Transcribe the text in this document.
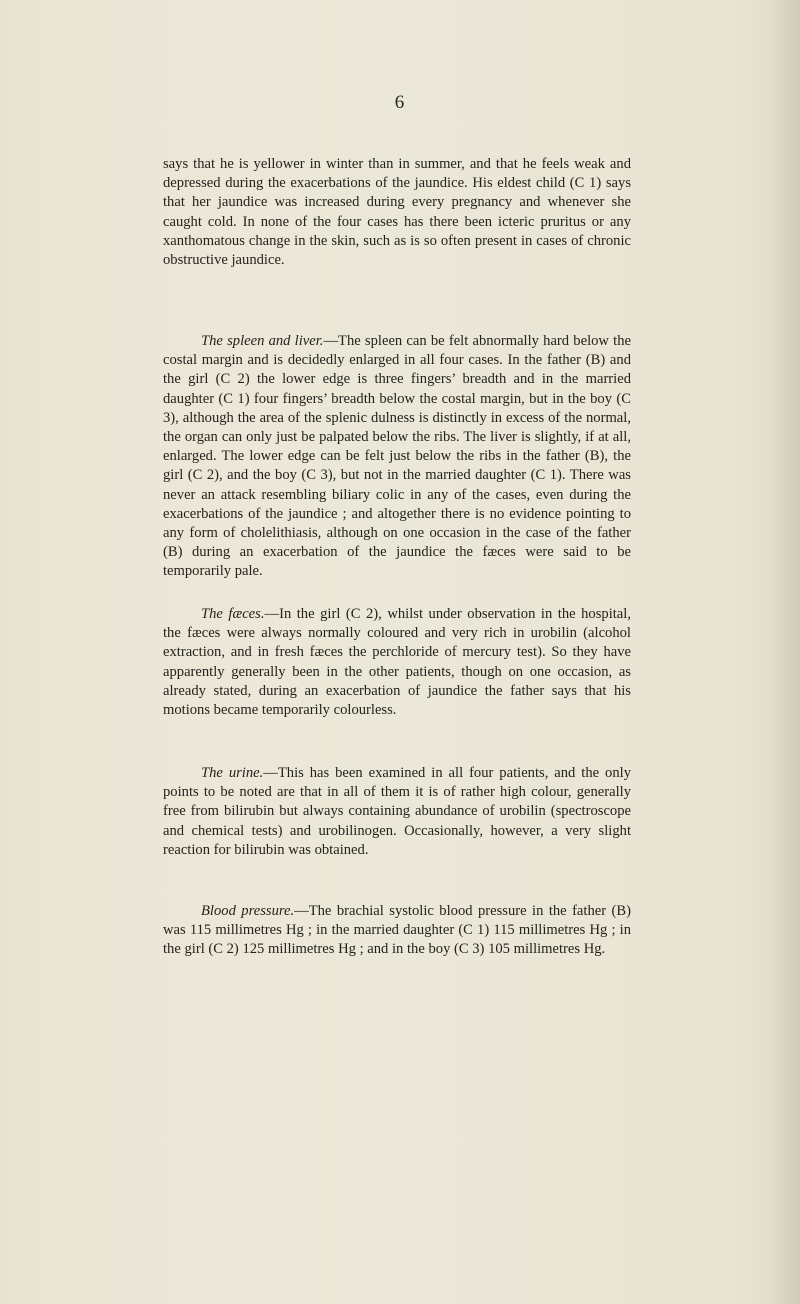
6

says that he is yellower in winter than in summer, and that he feels weak and depressed during the exacerbations of the jaundice. His eldest child (C 1) says that her jaundice was increased during every pregnancy and whenever she caught cold. In none of the four cases has there been icteric pruritus or any xanthomatous change in the skin, such as is so often present in cases of chronic obstructive jaundice.

The spleen and liver.—The spleen can be felt abnormally hard below the costal margin and is decidedly enlarged in all four cases. In the father (B) and the girl (C 2) the lower edge is three fingers’ breadth and in the married daughter (C 1) four fingers’ breadth below the costal margin, but in the boy (C 3), although the area of the splenic dulness is distinctly in excess of the normal, the organ can only just be palpated below the ribs. The liver is slightly, if at all, enlarged. The lower edge can be felt just below the ribs in the father (B), the girl (C 2), and the boy (C 3), but not in the married daughter (C 1). There was never an attack resembling biliary colic in any of the cases, even during the exacerbations of the jaundice ; and altogether there is no evidence pointing to any form of cholelithiasis, although on one occasion in the case of the father (B) during an exacerbation of the jaundice the fæces were said to be temporarily pale.

The fæces.—In the girl (C 2), whilst under observation in the hospital, the fæces were always normally coloured and very rich in urobilin (alcohol extraction, and in fresh fæces the perchloride of mercury test). So they have apparently generally been in the other patients, though on one occasion, as already stated, during an exacerbation of jaundice the father says that his motions became temporarily colourless.

The urine.—This has been examined in all four patients, and the only points to be noted are that in all of them it is of rather high colour, generally free from bilirubin but always containing abundance of urobilin (spectroscope and chemical tests) and urobilinogen. Occasionally, however, a very slight reaction for bilirubin was obtained.

Blood pressure.—The brachial systolic blood pressure in the father (B) was 115 millimetres Hg ; in the married daughter (C 1) 115 millimetres Hg ; in the girl (C 2) 125 millimetres Hg ; and in the boy (C 3) 105 millimetres Hg.
